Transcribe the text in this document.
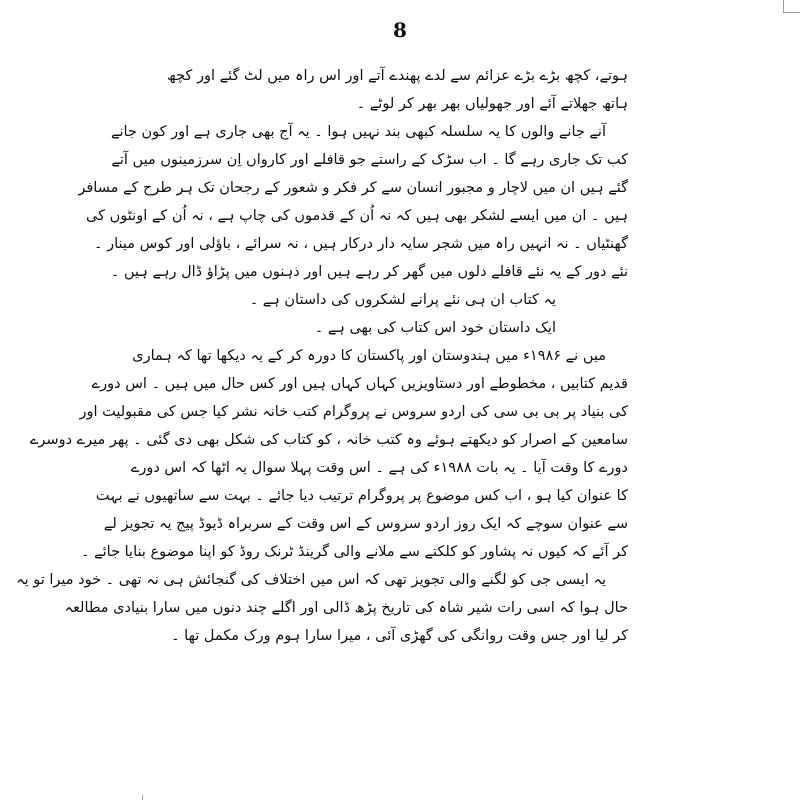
8
ہوتے، کچھ بڑے بڑے عزائم سے لدے پھندے آتے اور اس راہ میں لٹ گئے اور کچھ
ہاتھ جھلاتے آئے اور جھولیاں بھر بھر کر لوٹے ۔
آنے جانے والوں کا یہ سلسلہ کبھی بند نہیں ہوا ۔ یہ آج بھی جاری ہے اور کون جانے
کب تک جاری رہے گا ۔ اب سڑک کے راستے جو قافلے اور کارواں اِن سرزمینوں میں آتے
گئے ہیں ان میں لاچار و مجبور انسان سے کر فکر و شعور کے رجحان تک ہر طرح کے مسافر
ہیں ۔ ان میں ایسے لشکر بھی ہیں کہ نہ اُن کے قدموں کی چاپ ہے ، نہ اُن کے اونٹوں کی
گھنٹیاں ۔ نہ انہیں راہ میں شجر سایہ دار درکار ہیں ، نہ سرائے ، باؤلی اور کوس مینار ۔
نئے دور کے یہ نئے قافلے دلوں میں گھر کر رہے ہیں اور ذہنوں میں پڑاؤ ڈال رہے ہیں ۔
یہ کتاب ان ہی نئے پرانے لشکروں کی داستان ہے ۔
ایک داستان خود اس کتاب کی بھی ہے ۔
میں نے ۱۹۸۶ء میں ہندوستان اور پاکستان کا دورہ کر کے یہ دیکھا تھا کہ ہماری
قدیم کتابیں ، مخطوطے اور دستاویزیں کہاں کہاں ہیں اور کس حال میں ہیں ۔ اس دورے
کی بنیاد پر بی بی سی کی اردو سروس نے پروگرام کتب خانہ نشر کیا جس کی مقبولیت اور
سامعین کے اصرار کو دیکھتے ہوئے وہ کتب خانہ ، کو کتاب کی شکل بھی دی گئی ۔ پھر میرے دوسرے
دورے کا وقت آیا ۔ یہ بات ۱۹۸۸ء کی ہے ۔ اس وقت پہلا سوال یہ اٹھا کہ اس دورے
کا عنوان کیا ہو ، اب کس موضوع پر پروگرام ترتیب دیا جائے ۔ بہت سے ساتھیوں نے بہت
سے عنوان سوچے کہ ایک روز اردو سروس کے اس وقت کے سربراہ ڈیوڈ پیج یہ تجویز لے
کر آئے کہ کیوں نہ پشاور کو کلکتے سے ملانے والی گرینڈ ٹرنک روڈ کو اپنا موضوع بنایا جائے ۔
یہ ایسی جی کو لگنے والی تجویز تھی کہ اس میں اختلاف کی گنجائش ہی نہ تھی ۔ خود میرا تو یہ
حال ہوا کہ اسی رات شیر شاہ کی تاریخ پڑھ ڈالی اور اگلے چند دنوں میں سارا بنیادی مطالعہ
کر لیا اور جس وقت روانگی کی گھڑی آئی ، میرا سارا ہوم ورک مکمل تھا ۔
